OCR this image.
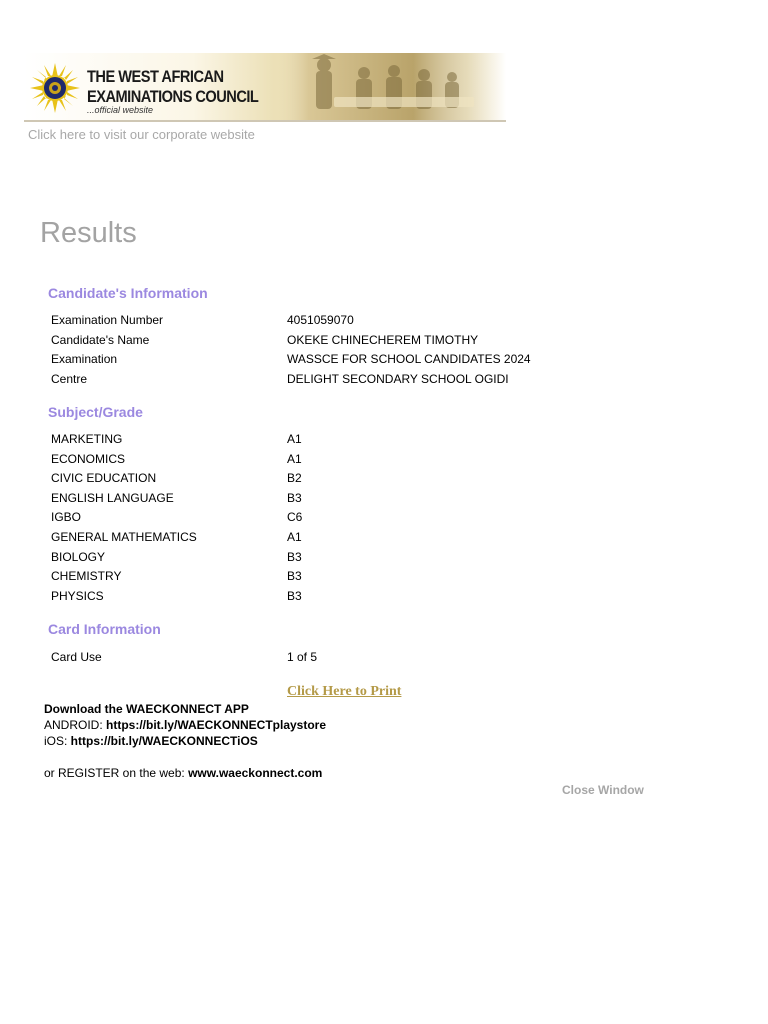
THE WEST AFRICAN
EXAMINATIONS COUNCIL
...official website
Click here to visit our corporate website
Results
Candidate's Information
Examination Number	4051059070
Candidate's Name	OKEKE CHINECHEREM TIMOTHY
Examination	WASSCE FOR SCHOOL CANDIDATES 2024
Centre	DELIGHT SECONDARY SCHOOL OGIDI
Subject/Grade
MARKETING	A1
ECONOMICS	A1
CIVIC EDUCATION	B2
ENGLISH LANGUAGE	B3
IGBO	C6
GENERAL MATHEMATICS	A1
BIOLOGY	B3
CHEMISTRY	B3
PHYSICS	B3
Card Information
Card Use	1 of 5
Click Here to Print
Download the WAECKONNECT APP
ANDROID: https://bit.ly/WAECKONNECTplaystore
iOS: https://bit.ly/WAECKONNECTiOS
or REGISTER on the web: www.waeckonnect.com
Close Window
